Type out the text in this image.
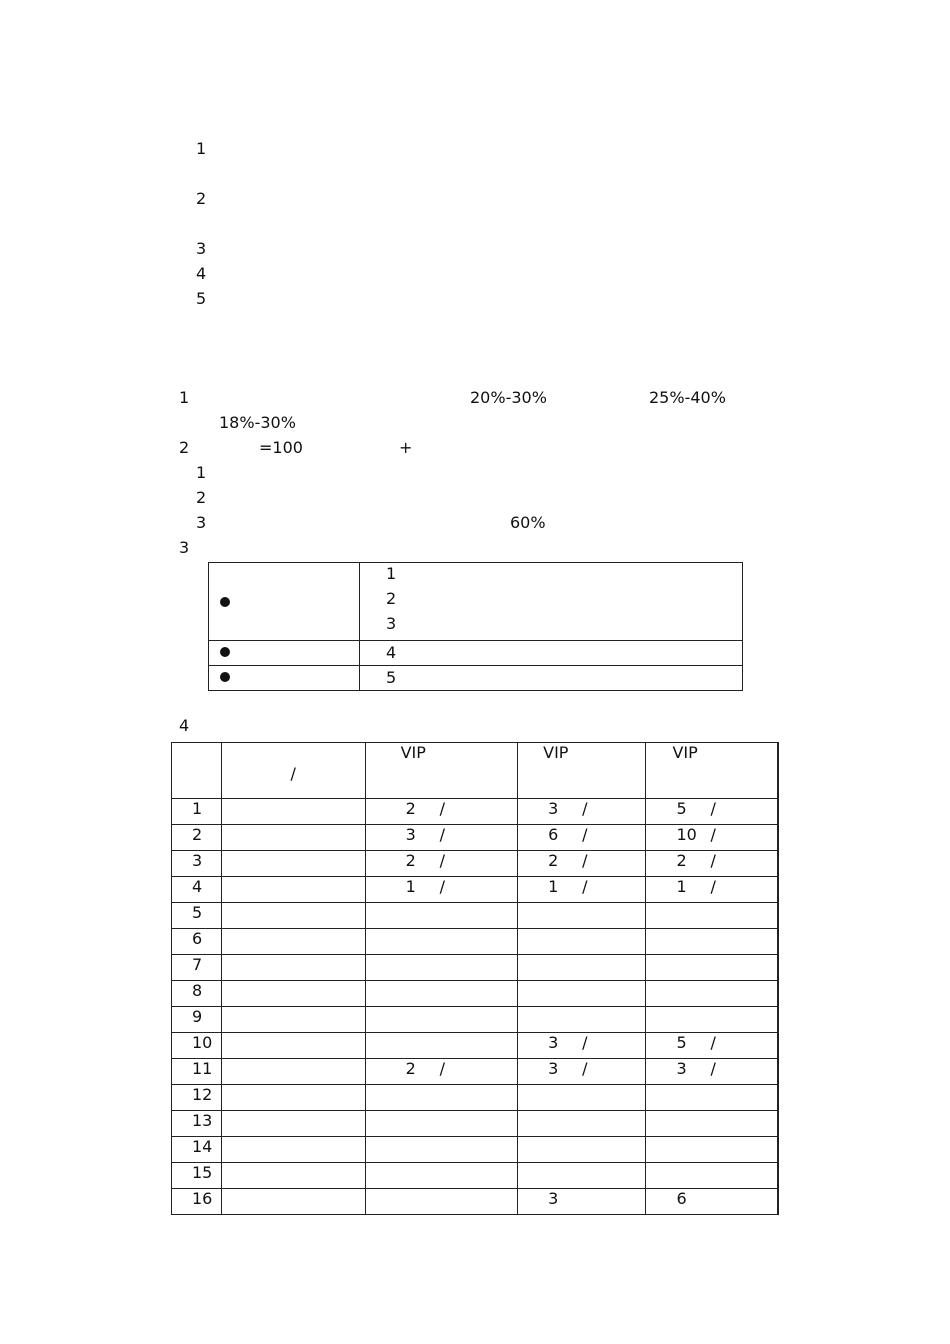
1
2
3
4
5
1	20%-30%	25%-40%
18%-30%
2	=100	+
1
2
3	60%
3

	1
2
3

	4

	5
4
	/	VIP	VIP	VIP
1		2 /	3 /	5 /

2		3 /	6 /	10 /

3		2 /	2 /	2 /

4		1 /	1 /	1 /

5				
6				
7				
8				
9				
10			3 /	5 /

11		2 /	3 /	3 /

12				
13				
14				
15				
16			3	6
